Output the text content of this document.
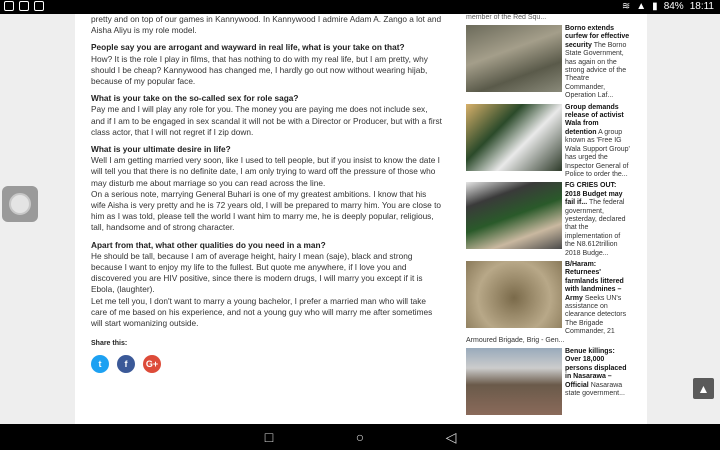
≋ ▲ ▮ 84% 18:11

pretty and on top of our games in Kannywood. In Kannywood I admire Adam A. Zango a lot and Aisha Aliyu is my role model.

People say you are arrogant and wayward in real life, what is your take on that?

How? It is the role I play in films, that has nothing to do with my real life, but I am pretty, why should I be cheap? Kannywood has changed me, I hardly go out now without wearing hijab, because of my popular face.

What is your take on the so-called sex for role saga?

Pay me and I will play any role for you. The money you are paying me does not include sex, and if I am to be engaged in sex scandal it will not be with a Director or Producer, but with a first class actor, that I will not regret if I zip down.

What is your ultimate desire in life?

Well I am getting married very soon, like I used to tell people, but if you insist to know the date I will tell you that there is no definite date, I am only trying to ward off the pressure of those who may disturb me about marriage so you can read across the line.

On a serious note, marrying General Buhari is one of my greatest ambitions. I know that his wife Aisha is very pretty and he is 72 years old, I will be prepared to marry him. You are close to him as I was told, please tell the world I want him to marry me, he is deeply popular, religious, tall, handsome and of strong character.

Apart from that, what other qualities do you need in a man?

He should be tall, because I am of average height, hairy I mean (saje), black and strong because I want to enjoy my life to the fullest. But quote me anywhere, if I love you and discovered you are HIV positive, since there is modern drugs, I will marry you except if it is Ebola, (laughter).

Let me tell you, I don't want to marry a young bachelor, I prefer a married man who will take care of me based on his experience, and not a young guy who will marry me after sometimes will start womanizing outside.

Share this:
t	f	G+
member of the Red Squ...
Borno extends curfew for effective security The Borno State Government, has again on the strong advice of the Theatre Commander, Operation Laf...
Group demands release of activist Wala from detention A group known as 'Free IG Wala Support Group' has urged the Inspector General of Police to order the...
FG CRIES OUT: 2018 Budget may fail if... The federal government, yesterday, declared that the implementation of the N8.612trillion 2018 Budge...
B/Haram: Returnees' farmlands littered with landmines – Army Seeks UN's assistance on clearance detectors The Brigade Commander, 21 Armoured Brigade, Brig - Gen...
Benue killings: Over 18,000 persons displaced in Nasarawa – Official Nasarawa state government...	▲
□	○	◁
